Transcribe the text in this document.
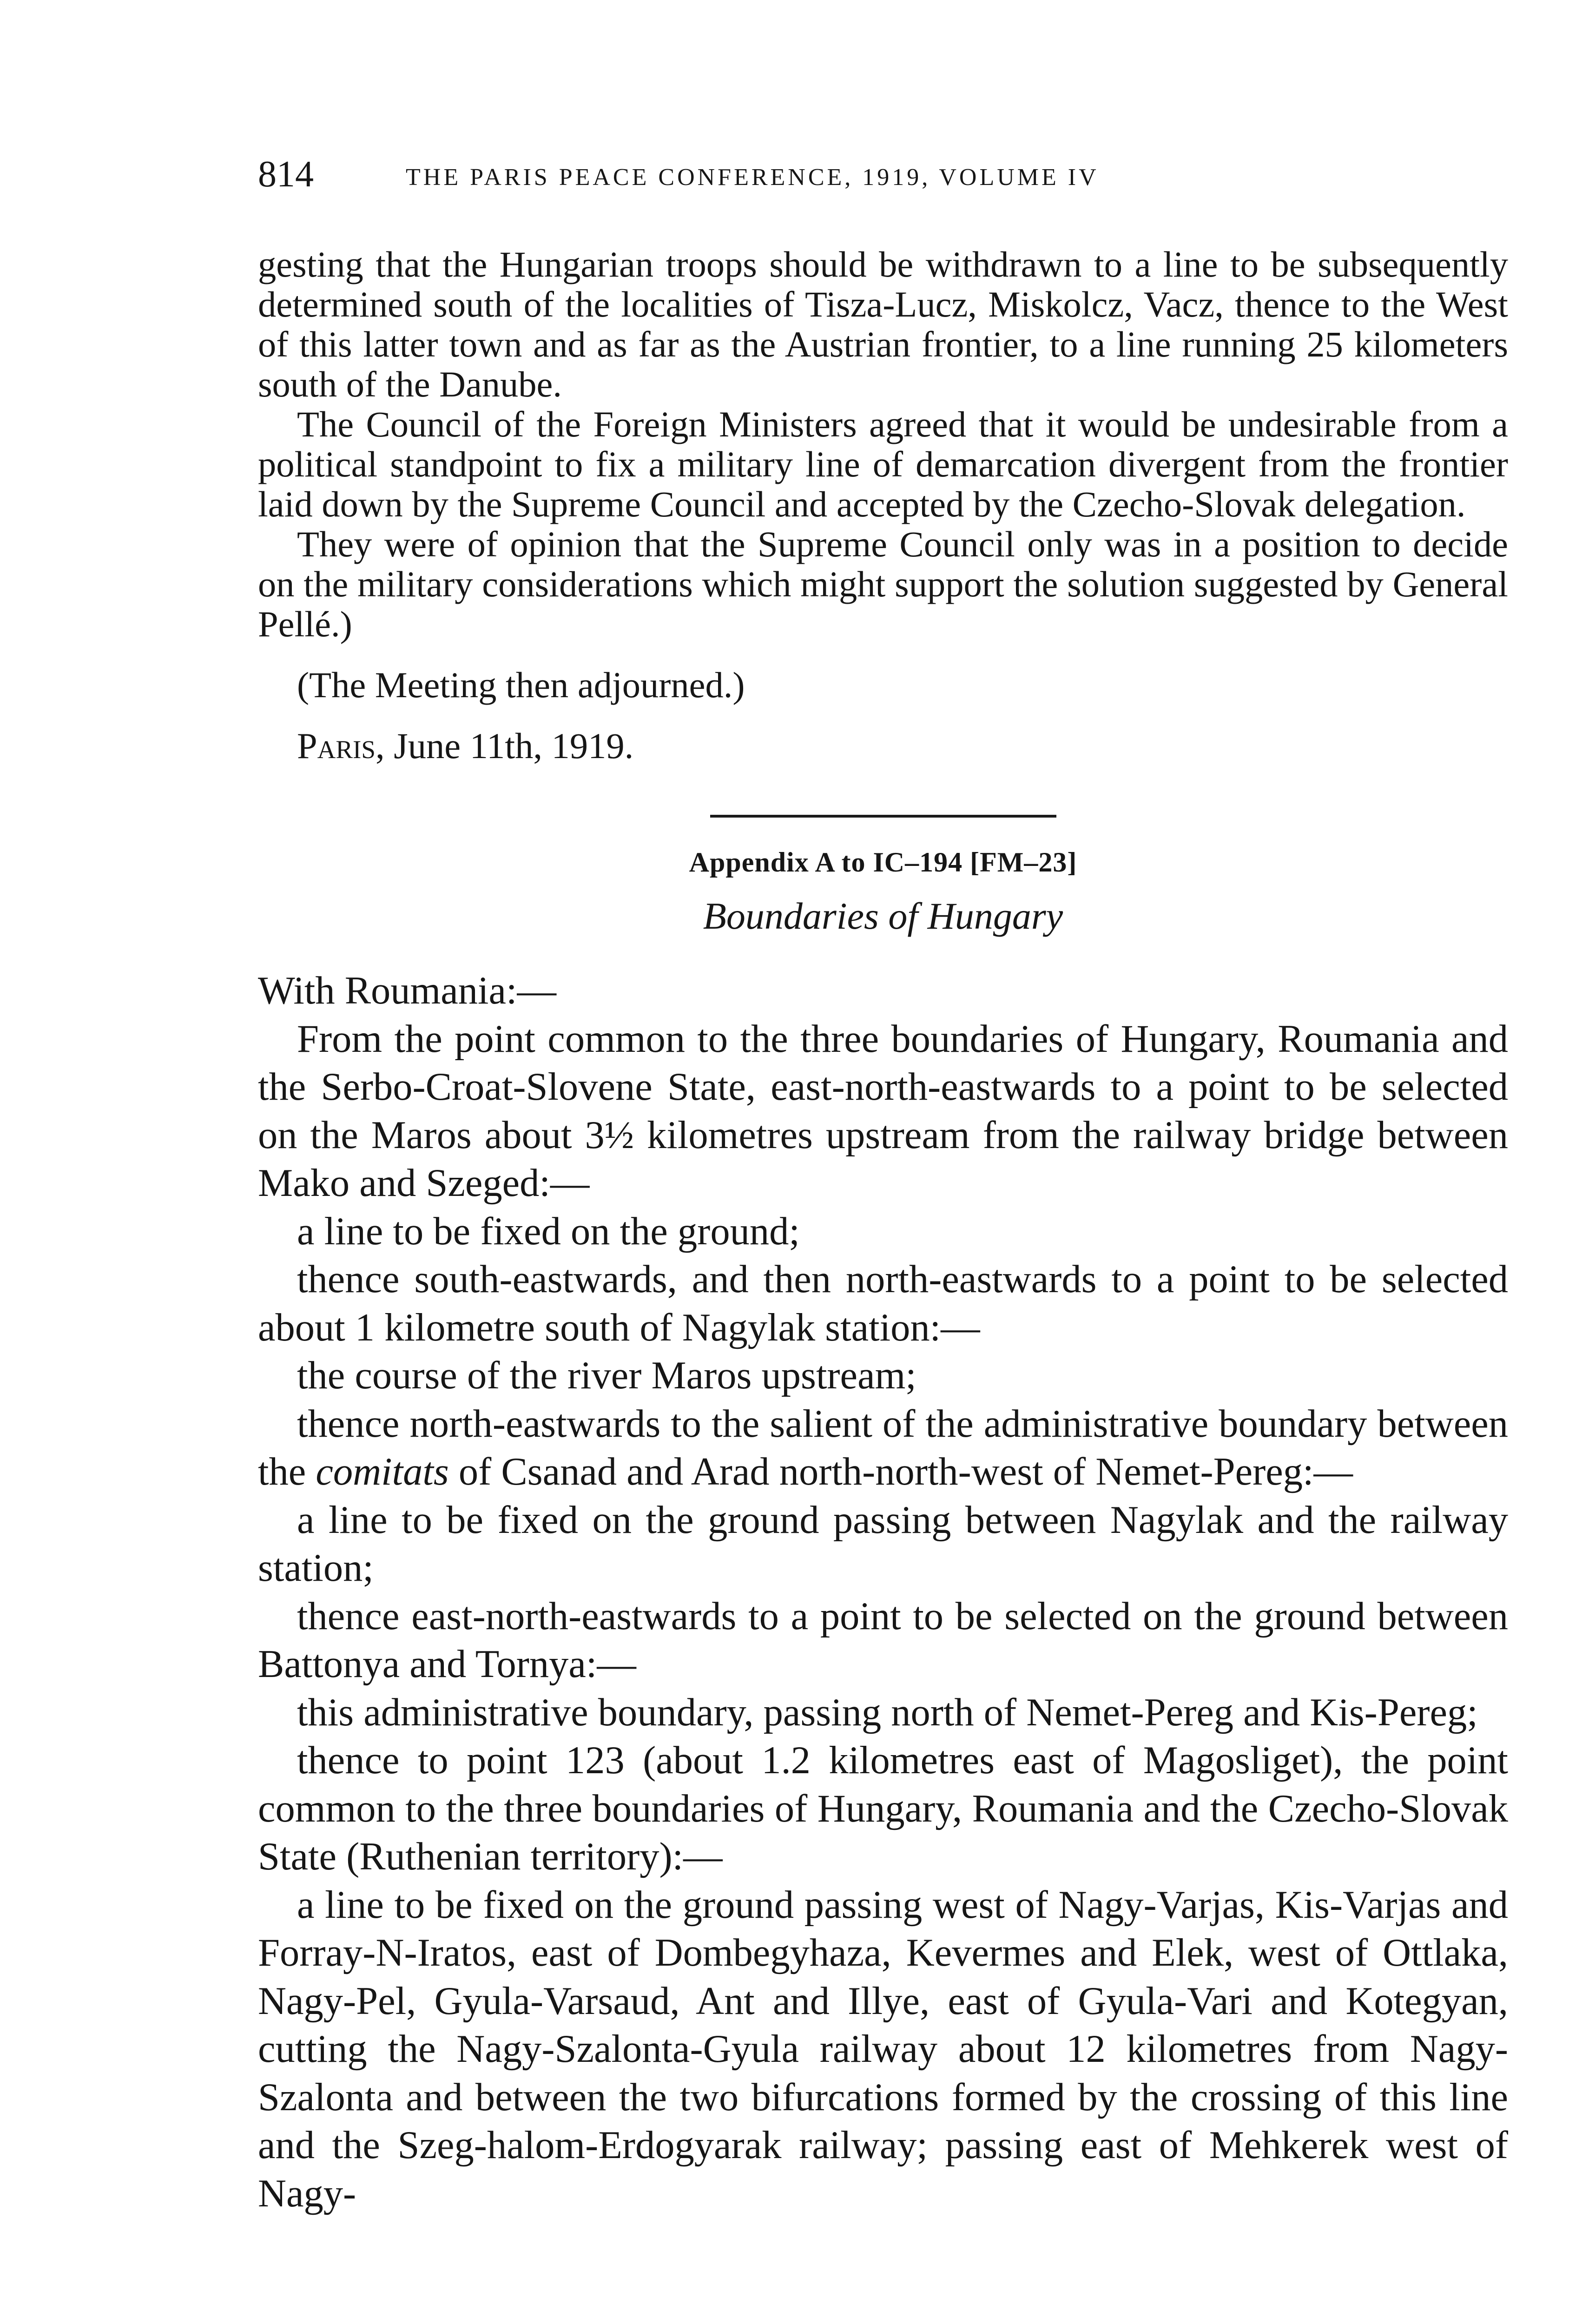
814	THE PARIS PEACE CONFERENCE, 1919, VOLUME IV

gesting that the Hungarian troops should be withdrawn to a line to be subsequently determined south of the localities of Tisza-Lucz, Miskolcz, Vacz, thence to the West of this latter town and as far as the Austrian frontier, to a line running 25 kilometers south of the Danube.

The Council of the Foreign Ministers agreed that it would be undesirable from a political standpoint to fix a military line of demarcation divergent from the frontier laid down by the Supreme Council and accepted by the Czecho-Slovak delegation.

They were of opinion that the Supreme Council only was in a position to decide on the military considerations which might support the solution suggested by General Pellé.)

(The Meeting then adjourned.)

Paris, June 11th, 1919.

Appendix A to IC–194 [FM–23]
Boundaries of Hungary

With Roumania:—

From the point common to the three boundaries of Hungary, Roumania and the Serbo-Croat-Slovene State, east-north-eastwards to a point to be selected on the Maros about 3½ kilometres upstream from the railway bridge between Mako and Szeged:—

a line to be fixed on the ground;

thence south-eastwards, and then north-eastwards to a point to be selected about 1 kilometre south of Nagylak station:—

the course of the river Maros upstream;

thence north-eastwards to the salient of the administrative boundary between the comitats of Csanad and Arad north-north-west of Nemet-Pereg:—

a line to be fixed on the ground passing between Nagylak and the railway station;

thence east-north-eastwards to a point to be selected on the ground between Battonya and Tornya:—

this administrative boundary, passing north of Nemet-Pereg and Kis-Pereg;

thence to point 123 (about 1.2 kilometres east of Magosliget), the point common to the three boundaries of Hungary, Roumania and the Czecho-Slovak State (Ruthenian territory):—

a line to be fixed on the ground passing west of Nagy-Varjas, Kis-Varjas and Forray-N-Iratos, east of Dombegyhaza, Kevermes and Elek, west of Ottlaka, Nagy-Pel, Gyula-Varsaud, Ant and Illye, east of Gyula-Vari and Kotegyan, cutting the Nagy-Szalonta-Gyula railway about 12 kilometres from Nagy-Szalonta and between the two bifurcations formed by the crossing of this line and the Szeg-halom-Erdogyarak railway; passing east of Mehkerek west of Nagy-
